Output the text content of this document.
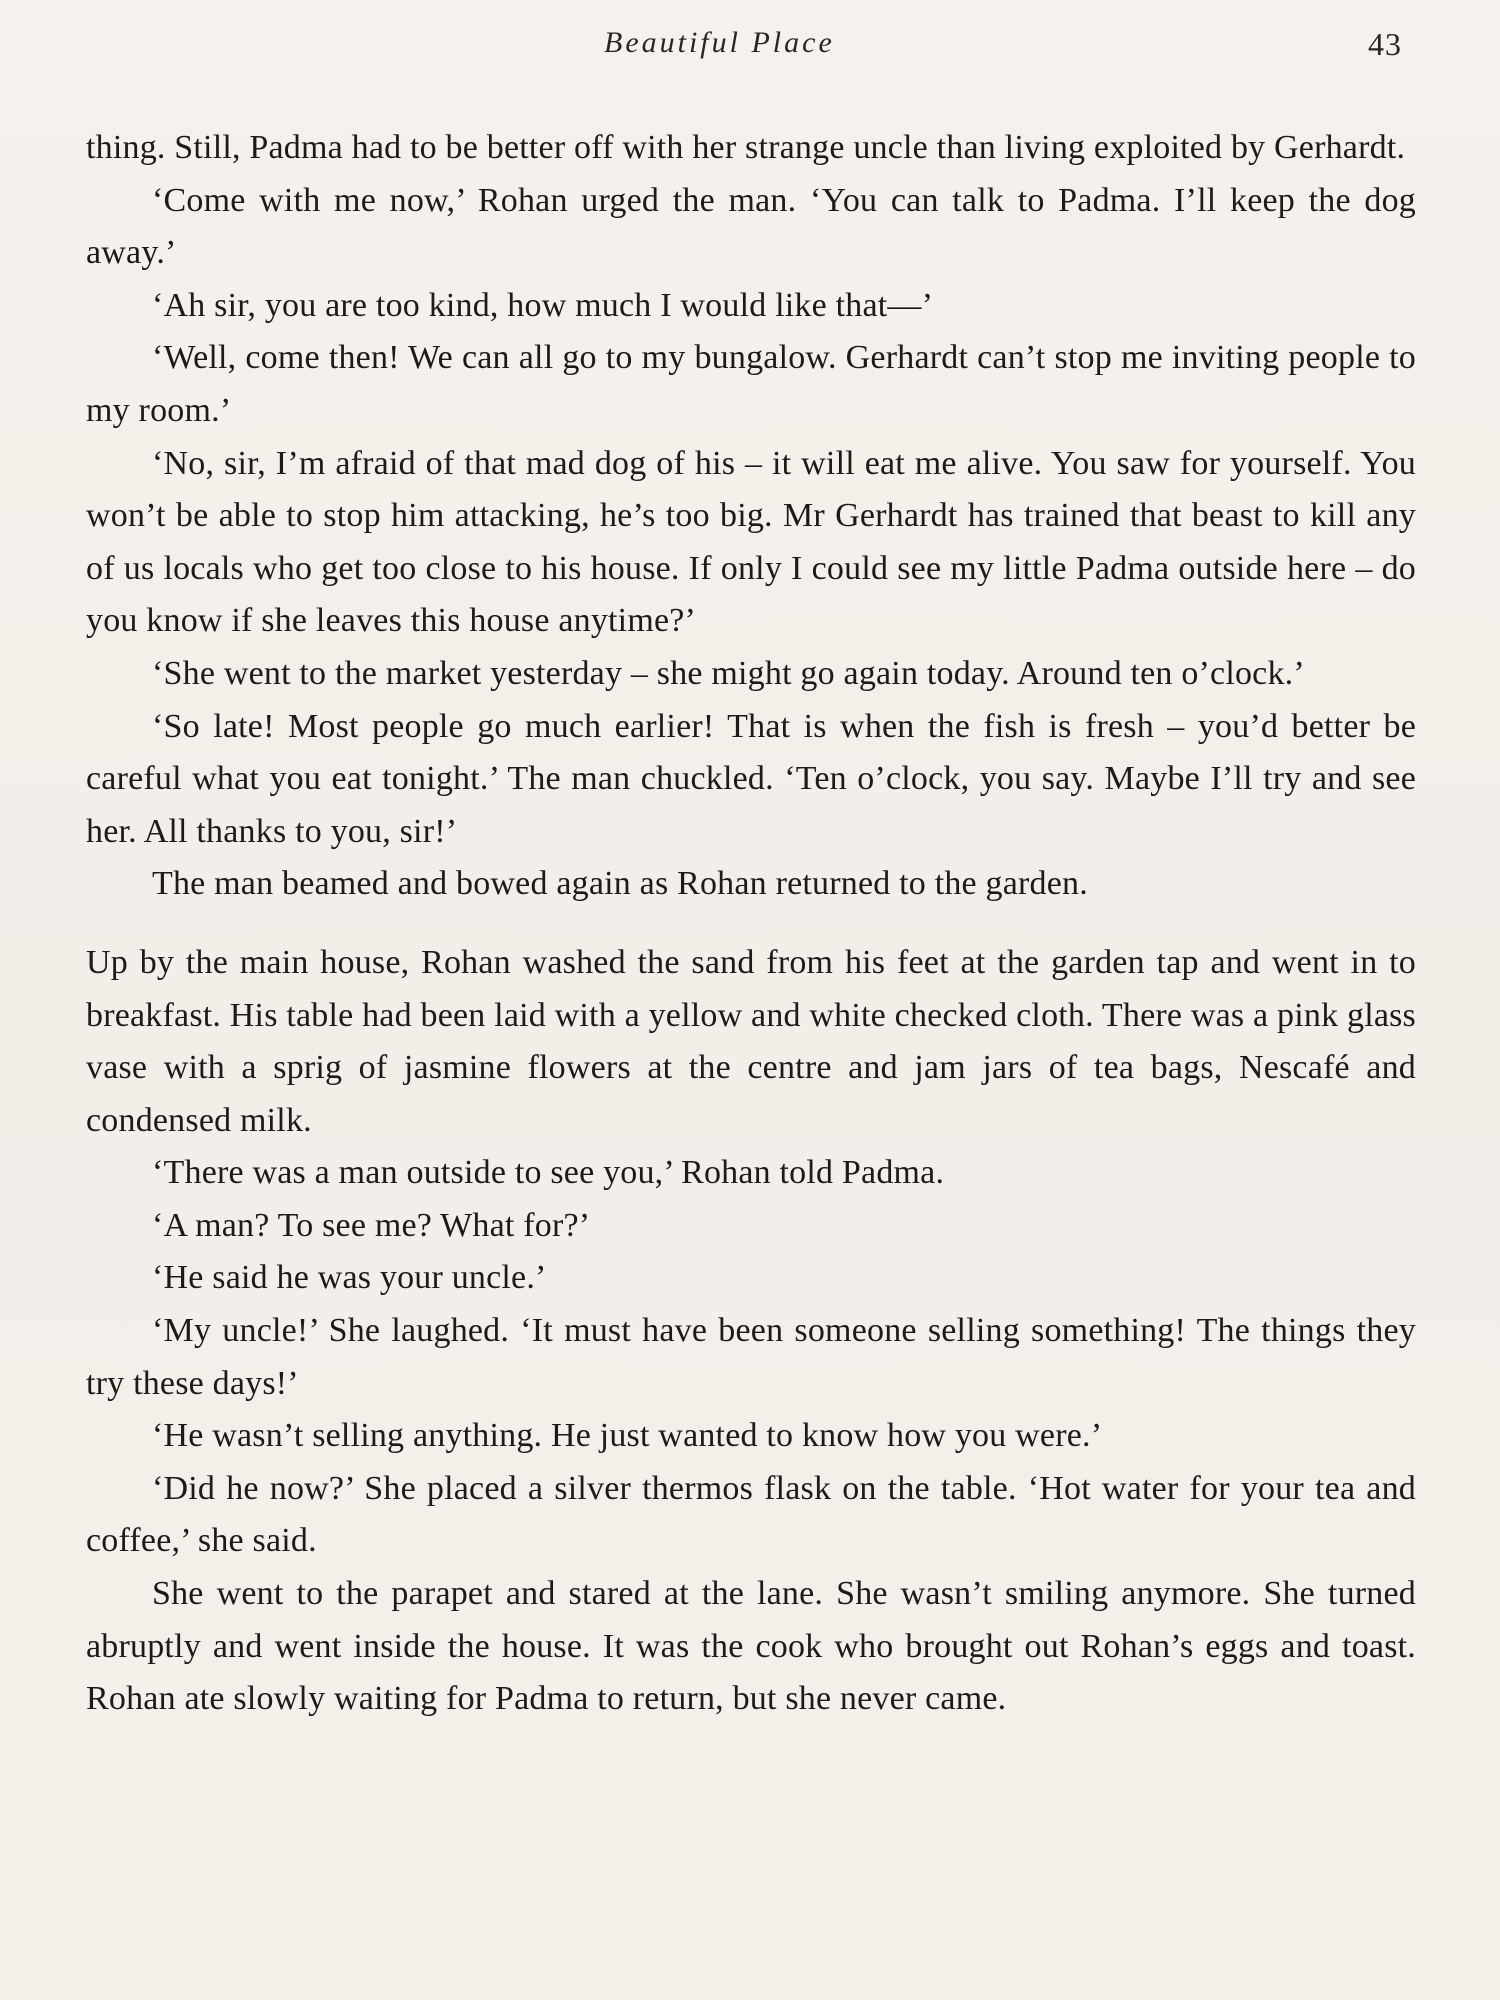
Beautiful Place	43

thing. Still, Padma had to be better off with her strange uncle than living exploited by Gerhardt.

‘Come with me now,’ Rohan urged the man. ‘You can talk to Padma. I’ll keep the dog away.’

‘Ah sir, you are too kind, how much I would like that—’

‘Well, come then! We can all go to my bungalow. Gerhardt can’t stop me inviting people to my room.’

‘No, sir, I’m afraid of that mad dog of his – it will eat me alive. You saw for yourself. You won’t be able to stop him attacking, he’s too big. Mr Gerhardt has trained that beast to kill any of us locals who get too close to his house. If only I could see my little Padma outside here – do you know if she leaves this house anytime?’

‘She went to the market yesterday – she might go again today. Around ten o’clock.’

‘So late! Most people go much earlier! That is when the fish is fresh – you’d better be careful what you eat tonight.’ The man chuckled. ‘Ten o’clock, you say. Maybe I’ll try and see her. All thanks to you, sir!’

The man beamed and bowed again as Rohan returned to the garden.

Up by the main house, Rohan washed the sand from his feet at the garden tap and went in to breakfast. His table had been laid with a yellow and white checked cloth. There was a pink glass vase with a sprig of jasmine flowers at the centre and jam jars of tea bags, Nescafé and condensed milk.

‘There was a man outside to see you,’ Rohan told Padma.

‘A man? To see me? What for?’

‘He said he was your uncle.’

‘My uncle!’ She laughed. ‘It must have been someone selling something! The things they try these days!’

‘He wasn’t selling anything. He just wanted to know how you were.’

‘Did he now?’ She placed a silver thermos flask on the table. ‘Hot water for your tea and coffee,’ she said.

She went to the parapet and stared at the lane. She wasn’t smiling anymore. She turned abruptly and went inside the house. It was the cook who brought out Rohan’s eggs and toast. Rohan ate slowly waiting for Padma to return, but she never came.
